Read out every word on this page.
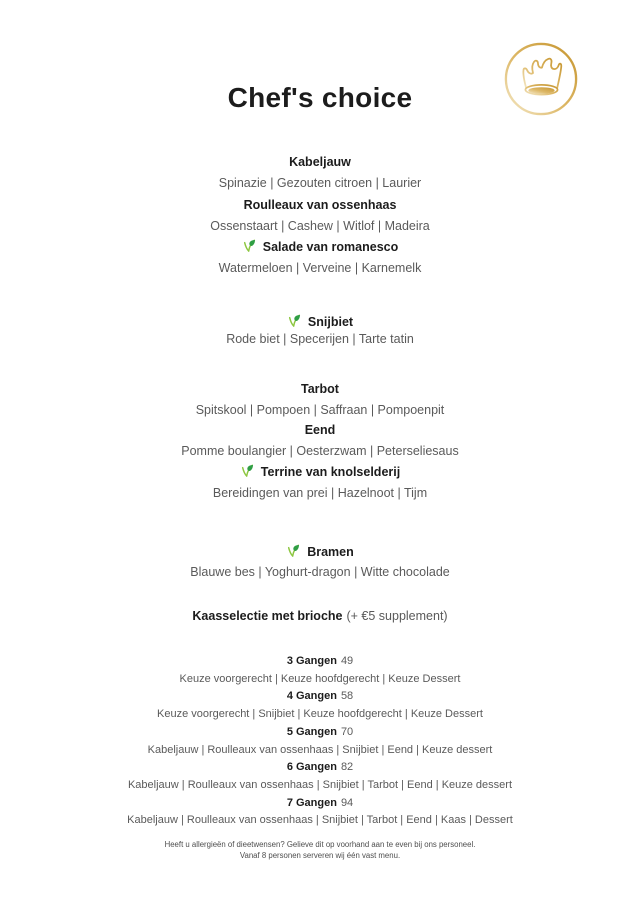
Chef's choice
Kabeljauw
Spinazie | Gezouten citroen | Laurier
Roulleaux van ossenhaas
Ossenstaart | Cashew | Witlof | Madeira
Salade van romanesco
Watermeloen | Verveine | Karnemelk
Snijbiet
Rode biet | Specerijen | Tarte tatin
Tarbot
Spitskool | Pompoen | Saffraan | Pompoenpit
Eend
Pomme boulangier | Oesterzwam | Peterseliesaus
Terrine van knolselderij
Bereidingen van prei | Hazelnoot | Tijm
Bramen
Blauwe bes | Yoghurt-dragon | Witte chocolade
Kaasselectie met brioche (+ €5 supplement)
3 Gangen 49
Keuze voorgerecht | Keuze hoofdgerecht | Keuze Dessert
4 Gangen 58
Keuze voorgerecht | Snijbiet | Keuze hoofdgerecht | Keuze Dessert
5 Gangen 70
Kabeljauw | Roulleaux van ossenhaas | Snijbiet | Eend | Keuze dessert
6 Gangen 82
Kabeljauw | Roulleaux van ossenhaas | Snijbiet | Tarbot | Eend | Keuze dessert
7 Gangen 94
Kabeljauw | Roulleaux van ossenhaas | Snijbiet | Tarbot | Eend | Kaas | Dessert
Heeft u allergieën of dieetwensen? Gelieve dit op voorhand aan te even bij ons personeel.
Vanaf 8 personen serveren wij één vast menu.
